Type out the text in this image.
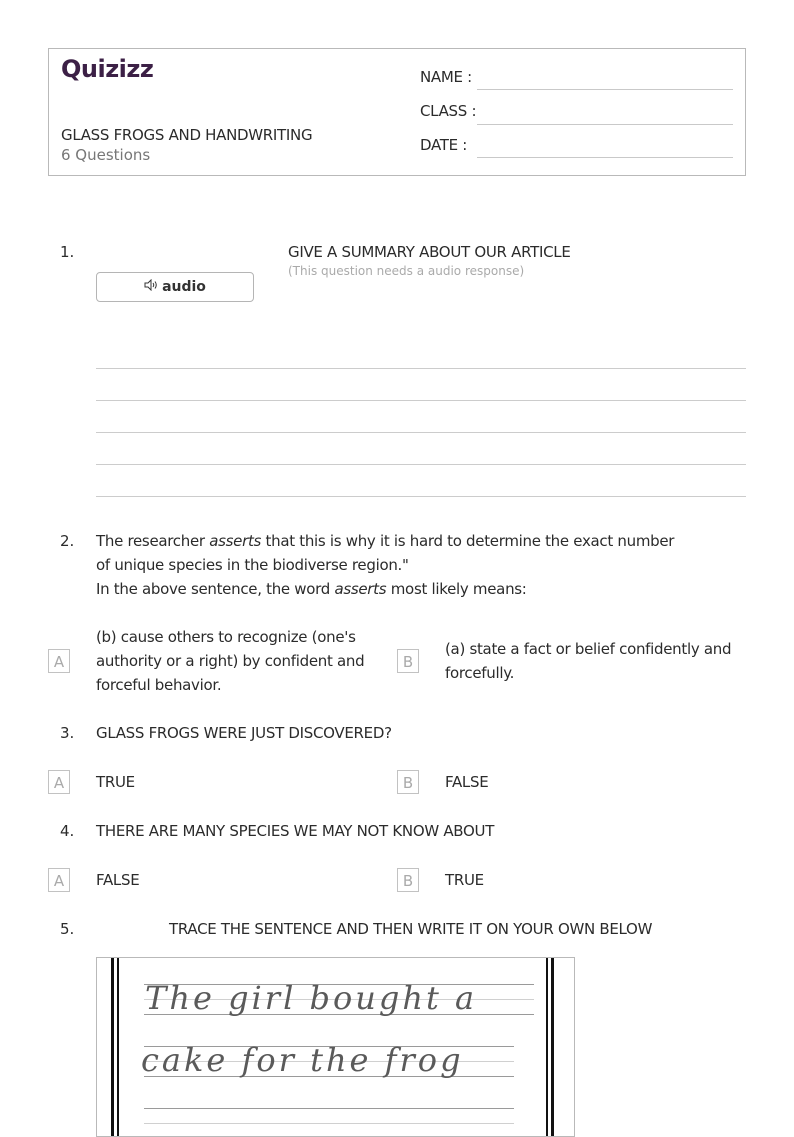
Quizizz
GLASS FROGS AND HANDWRITING
6 Questions
NAME :
CLASS :
DATE :
1.	GIVE A SUMMARY ABOUT OUR ARTICLE
(This question needs a audio response)
audio
2. The researcher asserts that this is why it is hard to determine the exact number
of unique species in the biodiverse region."
In the above sentence, the word asserts most likely means:
A
(b) cause others to recognize (one's authority or a right) by confident and forceful behavior.
B
(a) state a fact or belief confidently and forcefully.
3. GLASS FROGS WERE JUST DISCOVERED?
A	TRUE	B	FALSE
4. THERE ARE MANY SPECIES WE MAY NOT KNOW ABOUT
A	FALSE	B	TRUE
5.	TRACE THE SENTENCE AND THEN WRITE IT ON YOUR OWN BELOW
The girl bought a
cake for the frog
